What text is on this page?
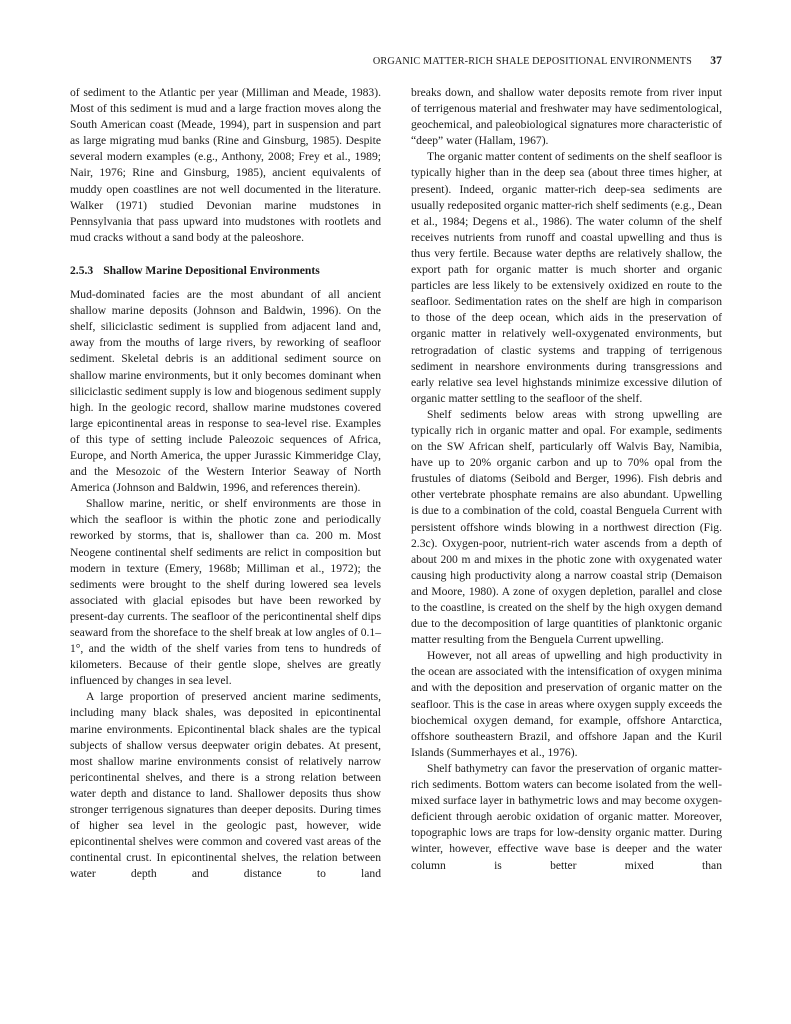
ORGANIC MATTER-RICH SHALE DEPOSITIONAL ENVIRONMENTS 37

of sediment to the Atlantic per year (Milliman and Meade, 1983). Most of this sediment is mud and a large fraction moves along the South American coast (Meade, 1994), part in suspension and part as large migrating mud banks (Rine and Ginsburg, 1985). Despite several modern examples (e.g., Anthony, 2008; Frey et al., 1989; Nair, 1976; Rine and Ginsburg, 1985), ancient equivalents of muddy open coastlines are not well documented in the literature. Walker (1971) studied Devonian marine mudstones in Pennsylvania that pass upward into mudstones with rootlets and mud cracks without a sand body at the paleoshore.

2.5.3 Shallow Marine Depositional Environments

Mud-dominated facies are the most abundant of all ancient shallow marine deposits (Johnson and Baldwin, 1996). On the shelf, siliciclastic sediment is supplied from adjacent land and, away from the mouths of large rivers, by reworking of seafloor sediment. Skeletal debris is an additional sediment source on shallow marine environments, but it only becomes dominant when siliciclastic sediment supply is low and biogenous sediment supply high. In the geologic record, shallow marine mudstones covered large epicontinental areas in response to sea-level rise. Examples of this type of setting include Paleozoic sequences of Africa, Europe, and North America, the upper Jurassic Kimmeridge Clay, and the Mesozoic of the Western Interior Seaway of North America (Johnson and Baldwin, 1996, and references therein).

Shallow marine, neritic, or shelf environments are those in which the seafloor is within the photic zone and periodically reworked by storms, that is, shallower than ca. 200 m. Most Neogene continental shelf sediments are relict in composition but modern in texture (Emery, 1968b; Milliman et al., 1972); the sediments were brought to the shelf during lowered sea levels associated with glacial episodes but have been reworked by present-day currents. The seafloor of the pericontinental shelf dips seaward from the shoreface to the shelf break at low angles of 0.1–1°, and the width of the shelf varies from tens to hundreds of kilometers. Because of their gentle slope, shelves are greatly influenced by changes in sea level.

A large proportion of preserved ancient marine sediments, including many black shales, was deposited in epicontinental marine environments. Epicontinental black shales are the typical subjects of shallow versus deepwater origin debates. At present, most shallow marine environments consist of relatively narrow pericontinental shelves, and there is a strong relation between water depth and distance to land. Shallower deposits thus show stronger terrigenous signatures than deeper deposits. During times of higher sea level in the geologic past, however, wide epicontinental shelves were common and covered vast areas of the continental crust. In epicontinental shelves, the relation between water depth and distance to land

breaks down, and shallow water deposits remote from river input of terrigenous material and freshwater may have sedimentological, geochemical, and paleobiological signatures more characteristic of “deep” water (Hallam, 1967).

The organic matter content of sediments on the shelf seafloor is typically higher than in the deep sea (about three times higher, at present). Indeed, organic matter-rich deep-sea sediments are usually redeposited organic matter-rich shelf sediments (e.g., Dean et al., 1984; Degens et al., 1986). The water column of the shelf receives nutrients from runoff and coastal upwelling and thus is thus very fertile. Because water depths are relatively shallow, the export path for organic matter is much shorter and organic particles are less likely to be extensively oxidized en route to the seafloor. Sedimentation rates on the shelf are high in comparison to those of the deep ocean, which aids in the preservation of organic matter in relatively well-oxygenated environments, but retrogradation of clastic systems and trapping of terrigenous sediment in nearshore environments during transgressions and early relative sea level highstands minimize excessive dilution of organic matter settling to the seafloor of the shelf.

Shelf sediments below areas with strong upwelling are typically rich in organic matter and opal. For example, sediments on the SW African shelf, particularly off Walvis Bay, Namibia, have up to 20% organic carbon and up to 70% opal from the frustules of diatoms (Seibold and Berger, 1996). Fish debris and other vertebrate phosphate remains are also abundant. Upwelling is due to a combination of the cold, coastal Benguela Current with persistent offshore winds blowing in a northwest direction (Fig. 2.3c). Oxygen-poor, nutrient-rich water ascends from a depth of about 200 m and mixes in the photic zone with oxygenated water causing high productivity along a narrow coastal strip (Demaison and Moore, 1980). A zone of oxygen depletion, parallel and close to the coastline, is created on the shelf by the high oxygen demand due to the decomposition of large quantities of planktonic organic matter resulting from the Benguela Current upwelling.

However, not all areas of upwelling and high productivity in the ocean are associated with the intensification of oxygen minima and with the deposition and preservation of organic matter on the seafloor. This is the case in areas where oxygen supply exceeds the biochemical oxygen demand, for example, offshore Antarctica, offshore southeastern Brazil, and offshore Japan and the Kuril Islands (Summerhayes et al., 1976).

Shelf bathymetry can favor the preservation of organic matter-rich sediments. Bottom waters can become isolated from the well-mixed surface layer in bathymetric lows and may become oxygen-deficient through aerobic oxidation of organic matter. Moreover, topographic lows are traps for low-density organic matter. During winter, however, effective wave base is deeper and the water column is better mixed than
